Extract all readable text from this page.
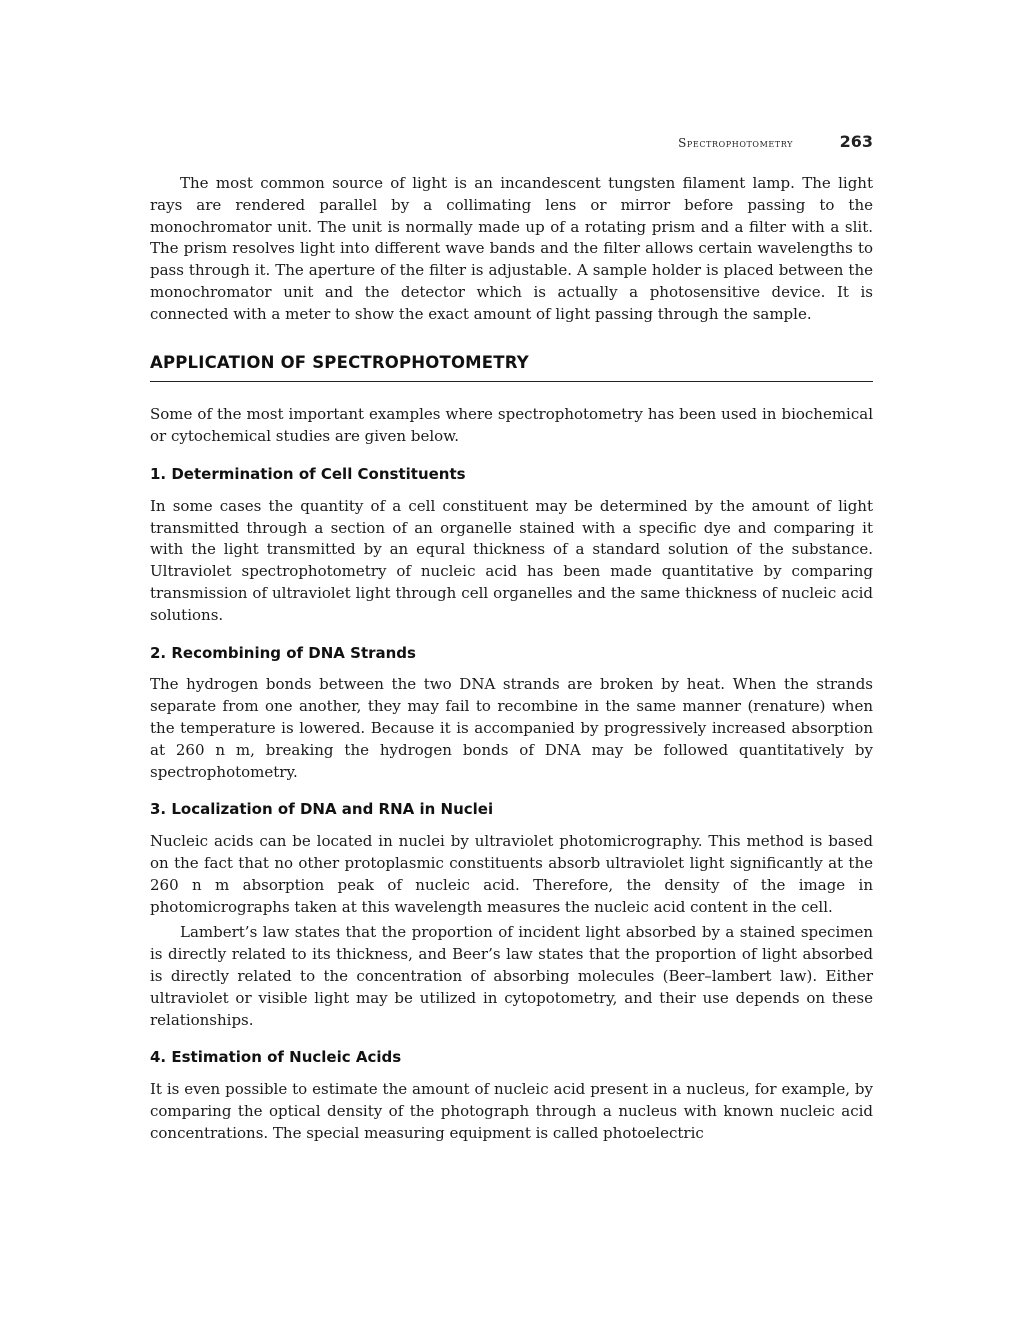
Spectrophotometry	263

The most common source of light is an incandescent tungsten filament lamp. The light rays are rendered parallel by a collimating lens or mirror before passing to the monochromator unit. The unit is normally made up of a rotating prism and a filter with a slit. The prism resolves light into different wave bands and the filter allows certain wavelengths to pass through it. The aperture of the filter is adjustable. A sample holder is placed between the monochromator unit and the detector which is actually a photosensitive device. It is connected with a meter to show the exact amount of light passing through the sample.

APPLICATION OF SPECTROPHOTOMETRY

Some of the most important examples where spectrophotometry has been used in biochemical or cytochemical studies are given below.

1. Determination of Cell Constituents

In some cases the quantity of a cell constituent may be determined by the amount of light transmitted through a section of an organelle stained with a specific dye and comparing it with the light transmitted by an equral thickness of a standard solution of the substance. Ultraviolet spectrophotometry of nucleic acid has been made quantitative by comparing transmission of ultraviolet light through cell organelles and the same thickness of nucleic acid solutions.

2. Recombining of DNA Strands

The hydrogen bonds between the two DNA strands are broken by heat. When the strands separate from one another, they may fail to recombine in the same manner (renature) when the temperature is lowered. Because it is accompanied by progressively increased absorption at 260 n m, breaking the hydrogen bonds of DNA may be followed quantitatively by spectrophotometry.

3. Localization of DNA and RNA in Nuclei

Nucleic acids can be located in nuclei by ultraviolet photomicrography. This method is based on the fact that no other protoplasmic constituents absorb ultraviolet light significantly at the 260 n m absorption peak of nucleic acid. Therefore, the density of the image in photomicrographs taken at this wavelength measures the nucleic acid content in the cell.

Lambert’s law states that the proportion of incident light absorbed by a stained specimen is directly related to its thickness, and Beer’s law states that the proportion of light absorbed is directly related to the concentration of absorbing molecules (Beer–lambert law). Either ultraviolet or visible light may be utilized in cytopotometry, and their use depends on these relationships.

4. Estimation of Nucleic Acids

It is even possible to estimate the amount of nucleic acid present in a nucleus, for example, by comparing the optical density of the photograph through a nucleus with known nucleic acid concentrations. The special measuring equipment is called photoelectric
